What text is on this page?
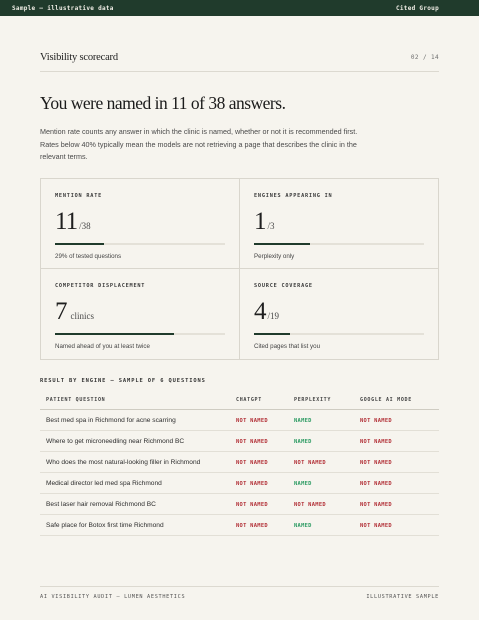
Sample — illustrative data	Cited Group
Visibility scorecard	02 / 14
You were named in 11 of 38 answers.

Mention rate counts any answer in which the clinic is named, whether or not it is recommended first. Rates below 40% typically mean the models are not retrieving a page that describes the clinic in the relevant terms.

MENTION RATE
11 /38
29% of tested questions
ENGINES APPEARING IN
1 /3
Perplexity only
COMPETITOR DISPLACEMENT
7 clinics
Named ahead of you at least twice
SOURCE COVERAGE
4 /19
Cited pages that list you
RESULT BY ENGINE — SAMPLE OF 6 QUESTIONS
PATIENT QUESTION	CHATGPT	PERPLEXITY	GOOGLE AI MODE
Best med spa in Richmond for acne scarring	NOT NAMED	NAMED	NOT NAMED
Where to get microneedling near Richmond BC	NOT NAMED	NAMED	NOT NAMED
Who does the most natural-looking filler in Richmond	NOT NAMED	NOT NAMED	NOT NAMED
Medical director led med spa Richmond	NOT NAMED	NAMED	NOT NAMED
Best laser hair removal Richmond BC	NOT NAMED	NOT NAMED	NOT NAMED
Safe place for Botox first time Richmond	NOT NAMED	NAMED	NOT NAMED
AI VISIBILITY AUDIT — LUMEN AESTHETICS	ILLUSTRATIVE SAMPLE
